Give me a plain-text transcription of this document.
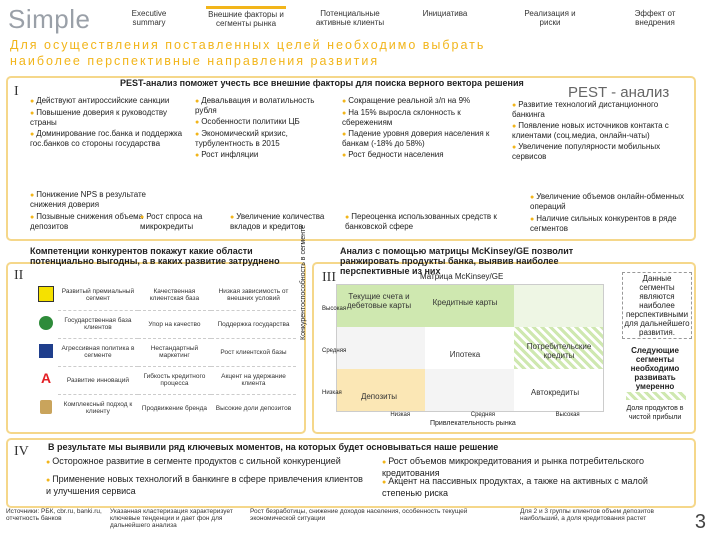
Simple	Executive summary
Внешние факторы и сегменты рынка
Потенциальные активные клиенты
Инициатива	Реализация и риски
Эффект от внедрения
Для осуществления поставленных целей необходимо выбрать
наиболее перспективные направления развития
I
PEST-анализ поможет учесть все внешние факторы для поиска верного вектора решения
PEST - анализ
● Действуют антироссийские санкции
● Повышение доверия к руководству страны
● Доминирование гос.банка и поддержка гос.банков со стороны государства
● Девальвация и волатильность рубля
● Особенности политики ЦБ
● Экономический кризис, турбулентность в 2015
● Рост инфляции
● Сокращение реальной з/п на 9%
● На 15% выросла склонность к сбережениям
● Падение уровня доверия населения к банкам (-18% до 58%)
● Рост бедности населения
● Развитие технологий дистанционного банкинга
● Появление новых источников контакта с клиентами (соц.медиа, онлайн-чаты)
● Увеличение популярности мобильных сервисов
● Понижение NPS в результате снижения доверия
● Позывные снижения объема депозитов
● Рост спроса на микрокредиты
● Увеличение количества вкладов и кредитов
● Переоценка использованных средств к банковской сфере
● Увеличение объемов онлайн-обменных операций
● Наличие сильных конкурентов в ряде сегментов
II
Компетенции конкурентов покажут какие области потенциально выгодны, а в каких развитие затруднено
	Развитый премиальный сегмент	Качественная клиентская база	Низкая зависимость от внешних условий
	Государственная база клиентов	Упор на качество	Поддержка государства
	Агрессивная политика в сегменте	Нестандартный маркетинг	Рост клиентской базы
A	Развитие инноваций	Гибкость кредитного процесса	Акцент на удержание клиента
	Комплексный подход к клиенту	Продвижение бренда	Высокие доли депозитов
III
Анализ с помощью матрицы McKinsey/GE позволит ранжировать продукты банка, выявив наиболее перспективные из них
Матрица McKinsey/GE
Конкурентоспособность в сегменте	Текущие счета и дебетовые карты	Кредитные карты
Ипотека
Потребительские кредиты
Депозиты	Автокредиты
Высокая
Средняя
Низкая
Низкая	Средняя	Высокая
Привлекательность рынка
Данные сегменты являются наиболее перспективными для дальнейшего развития.
Следующие сегменты необходимо развивать умеренно
Доля продуктов в чистой прибыли
IV В результате мы выявили ряд ключевых моментов, на которых будет основываться наше решение
● Осторожное развитие в сегменте продуктов с сильной конкуренцией	● Рост объемов микрокредитования и рынка потребительского кредитования
● Применение новых технологий в банкинге в сфере привлечения клиентов и улучшения сервиса
● Акцент на пассивных продуктах, а также на активных с малой степенью риска
Источники: РБК, cbr.ru, banki.ru, отчетность банков
Указанная кластеризация характеризует ключевые тенденции и дает фон для дальнейшего анализа
Рост безработицы, снижение доходов населения, особенность текущей экономической ситуации
Для 2 и 3 группы клиентов объем депозитов наибольший, а доля кредитования растет	3
